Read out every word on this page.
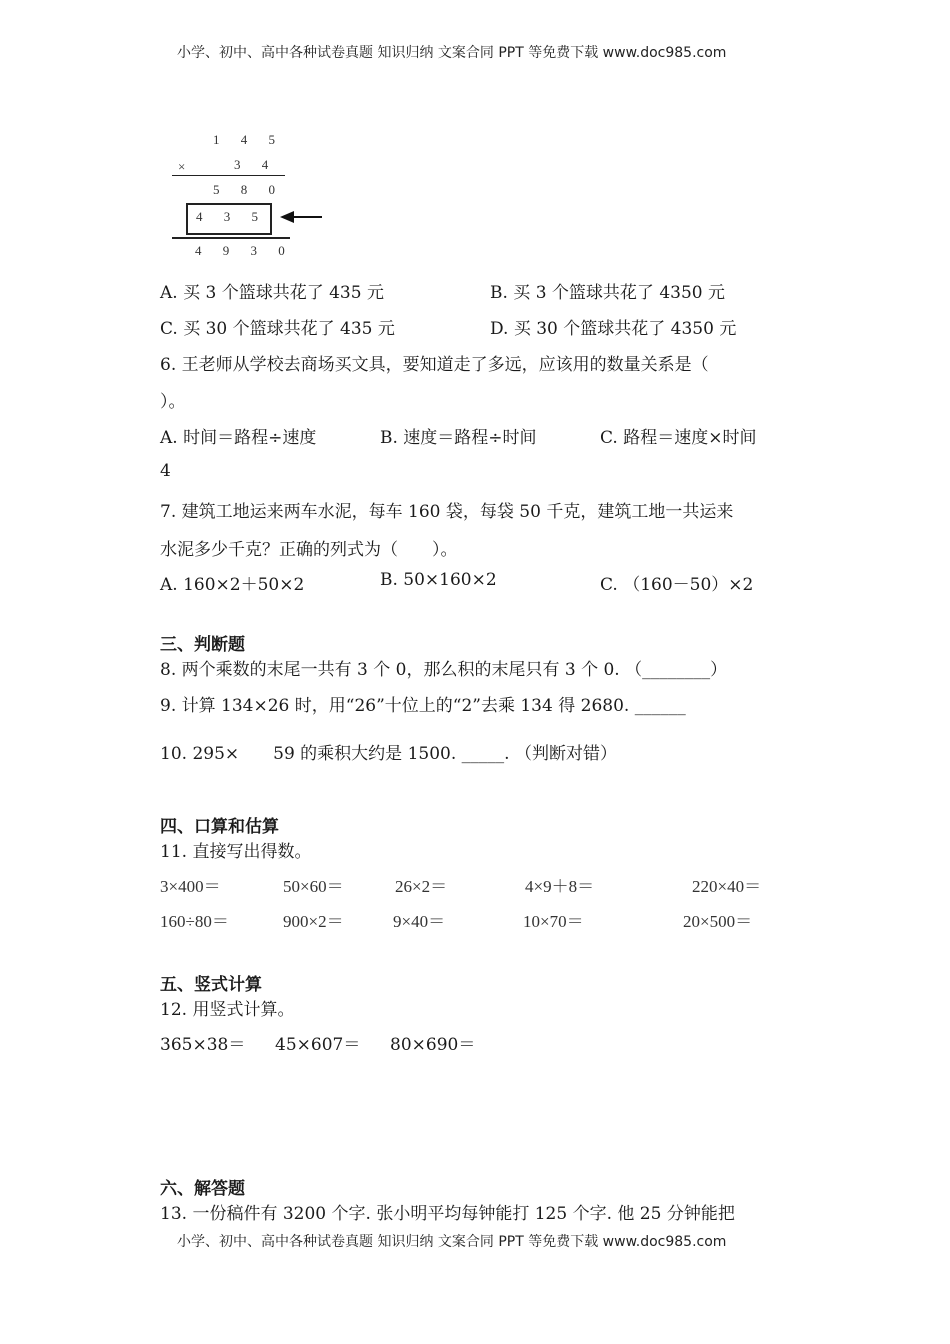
小学、初中、高中各种试卷真题 知识归纳 文案合同 PPT 等免费下载 www.doc985.com
1 4 5
×	3 4
5 8 0
4 3 5
4 9 3 0
A. 买 3 个篮球共花了 435 元	B. 买 3 个篮球共花了 4350 元
C. 买 30 个篮球共花了 435 元	D. 买 30 个篮球共花了 4350 元
6. 王老师从学校去商场买文具，要知道走了多远，应该用的数量关系是（
）。
A. 时间＝路程÷速度	B. 速度＝路程÷时间	C. 路程＝速度×时间
4
7. 建筑工地运来两车水泥，每车 160 袋，每袋 50 千克，建筑工地一共运来
水泥多少千克？正确的列式为（　　）。
A. 160×2＋50×2	B. 50×160×2	C. （160－50）×2
三、判断题
8. 两个乘数的末尾一共有 3 个 0，那么积的末尾只有 3 个 0. （________）
9. 计算 134×26 时，用“26”十位上的“2”去乘 134 得 2680. ______
10. 295×　　59 的乘积大约是 1500. _____. （判断对错）
四、口算和估算
11. 直接写出得数。
3×400＝	50×60＝	26×2＝	4×9＋8＝	220×40＝
160÷80＝	900×2＝	9×40＝	10×70＝	20×500＝
五、竖式计算
12. 用竖式计算。
365×38＝ 45×607＝ 80×690＝
六、解答题
13. 一份稿件有 3200 个字. 张小明平均每钟能打 125 个字. 他 25 分钟能把
小学、初中、高中各种试卷真题 知识归纳 文案合同 PPT 等免费下载 www.doc985.com
